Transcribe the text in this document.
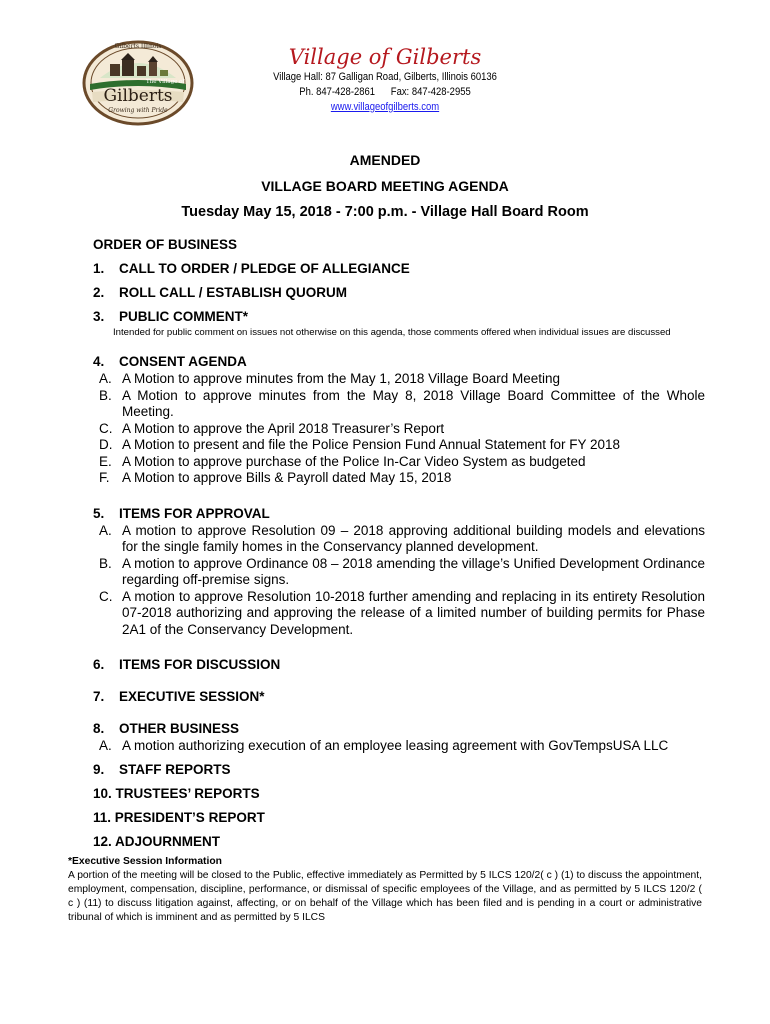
Gilberts Illinois
The Village of
Gilberts
Growing with Pride
Village of Gilberts
Village Hall: 87 Galligan Road, Gilberts, Illinois 60136
Ph. 847-428-2861 Fax: 847-428-2955
www.villageofgilberts.com
AMENDED
VILLAGE BOARD MEETING AGENDA
Tuesday May 15, 2018 - 7:00 p.m. - Village Hall Board Room
ORDER OF BUSINESS
1. CALL TO ORDER / PLEDGE OF ALLEGIANCE
2. ROLL CALL / ESTABLISH QUORUM
3. PUBLIC COMMENT*
Intended for public comment on issues not otherwise on this agenda, those comments offered when individual issues are discussed
4. CONSENT AGENDA
A. A Motion to approve minutes from the May 1, 2018 Village Board Meeting
B. A Motion to approve minutes from the May 8, 2018 Village Board Committee of the Whole Meeting.
C. A Motion to approve the April 2018 Treasurer’s Report
D. A Motion to present and file the Police Pension Fund Annual Statement for FY 2018
E. A Motion to approve purchase of the Police In-Car Video System as budgeted
F. A Motion to approve Bills & Payroll dated May 15, 2018
5. ITEMS FOR APPROVAL
A. A motion to approve Resolution 09 – 2018 approving additional building models and elevations for the single family homes in the Conservancy planned development.
B. A motion to approve Ordinance 08 – 2018 amending the village’s Unified Development Ordinance regarding off-premise signs.
C. A motion to approve Resolution 10-2018 further amending and replacing in its entirety Resolution 07-2018 authorizing and approving the release of a limited number of building permits for Phase 2A1 of the Conservancy Development.
6. ITEMS FOR DISCUSSION
7. EXECUTIVE SESSION*
8. OTHER BUSINESS
A. A motion authorizing execution of an employee leasing agreement with GovTempsUSA LLC
9. STAFF REPORTS
10. TRUSTEES’ REPORTS
11. PRESIDENT’S REPORT
12. ADJOURNMENT
*Executive Session Information
A portion of the meeting will be closed to the Public, effective immediately as Permitted by 5 ILCS 120/2( c ) (1) to discuss the appointment, employment, compensation, discipline, performance, or dismissal of specific employees of the Village, and as permitted by 5 ILCS 120/2 ( c ) (11) to discuss litigation against, affecting, or on behalf of the Village which has been filed and is pending in a court or administrative tribunal of which is imminent and as permitted by 5 ILCS
